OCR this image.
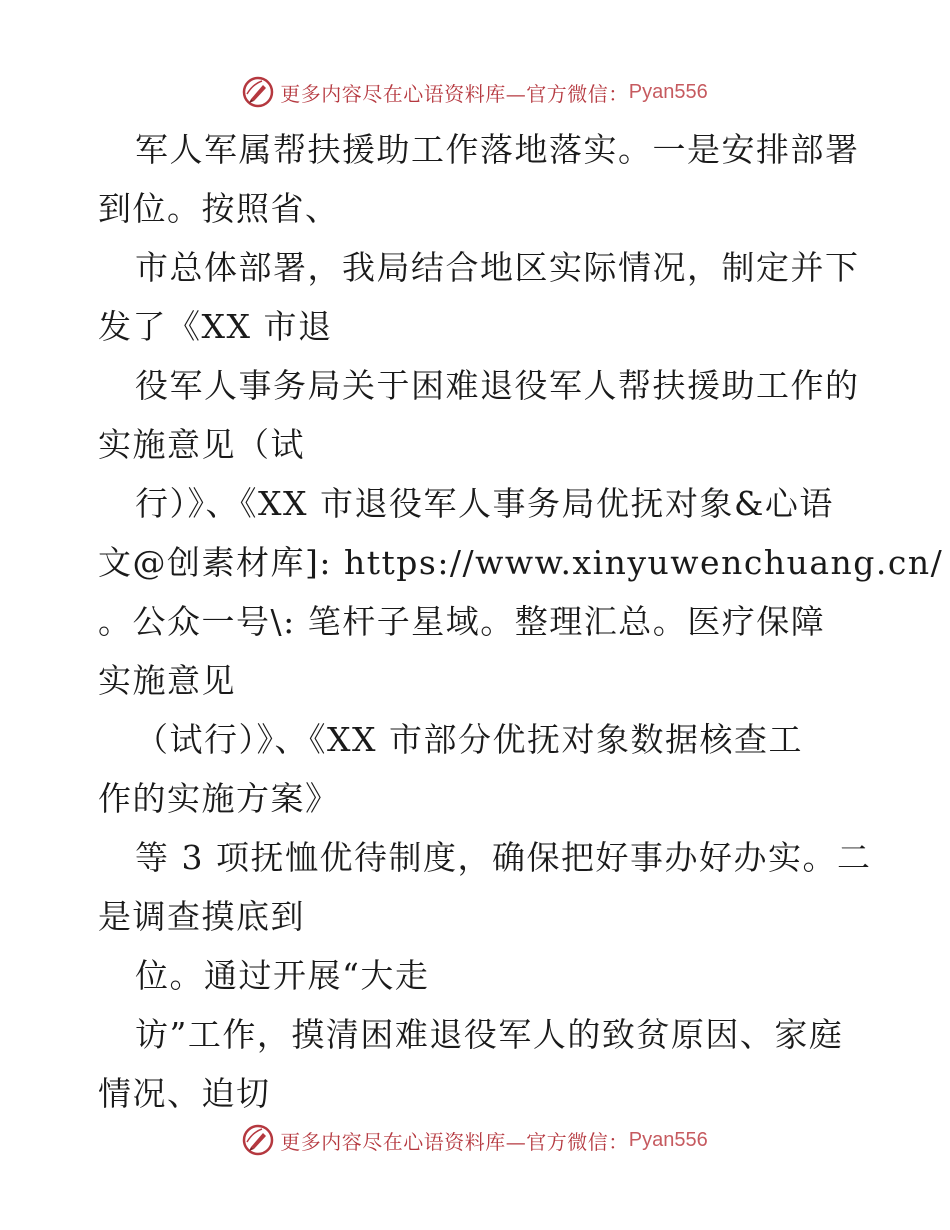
更多内容尽在心语资料库—官方微信： Pyan556
军人军属帮扶援助工作落地落实。一是安排部署
到位。按照省、
市总体部署，我局结合地区实际情况，制定并下
发了《XX 市退
役军人事务局关于困难退役军人帮扶援助工作的
实施意见（试
行）》、《XX 市退役军人事务局优抚对象&心语
文@创素材库]: https://www.xinyuwenchuang.cn/
。公众一号\: 笔杆子星域。整理汇总。医疗保障
实施意见
（试行）》、《XX 市部分优抚对象数据核查工
作的实施方案》
等 3 项抚恤优待制度，确保把好事办好办实。二
是调查摸底到
位。通过开展“大走
访”工作，摸清困难退役军人的致贫原因、家庭
情况、迫切
更多内容尽在心语资料库—官方微信： Pyan556
